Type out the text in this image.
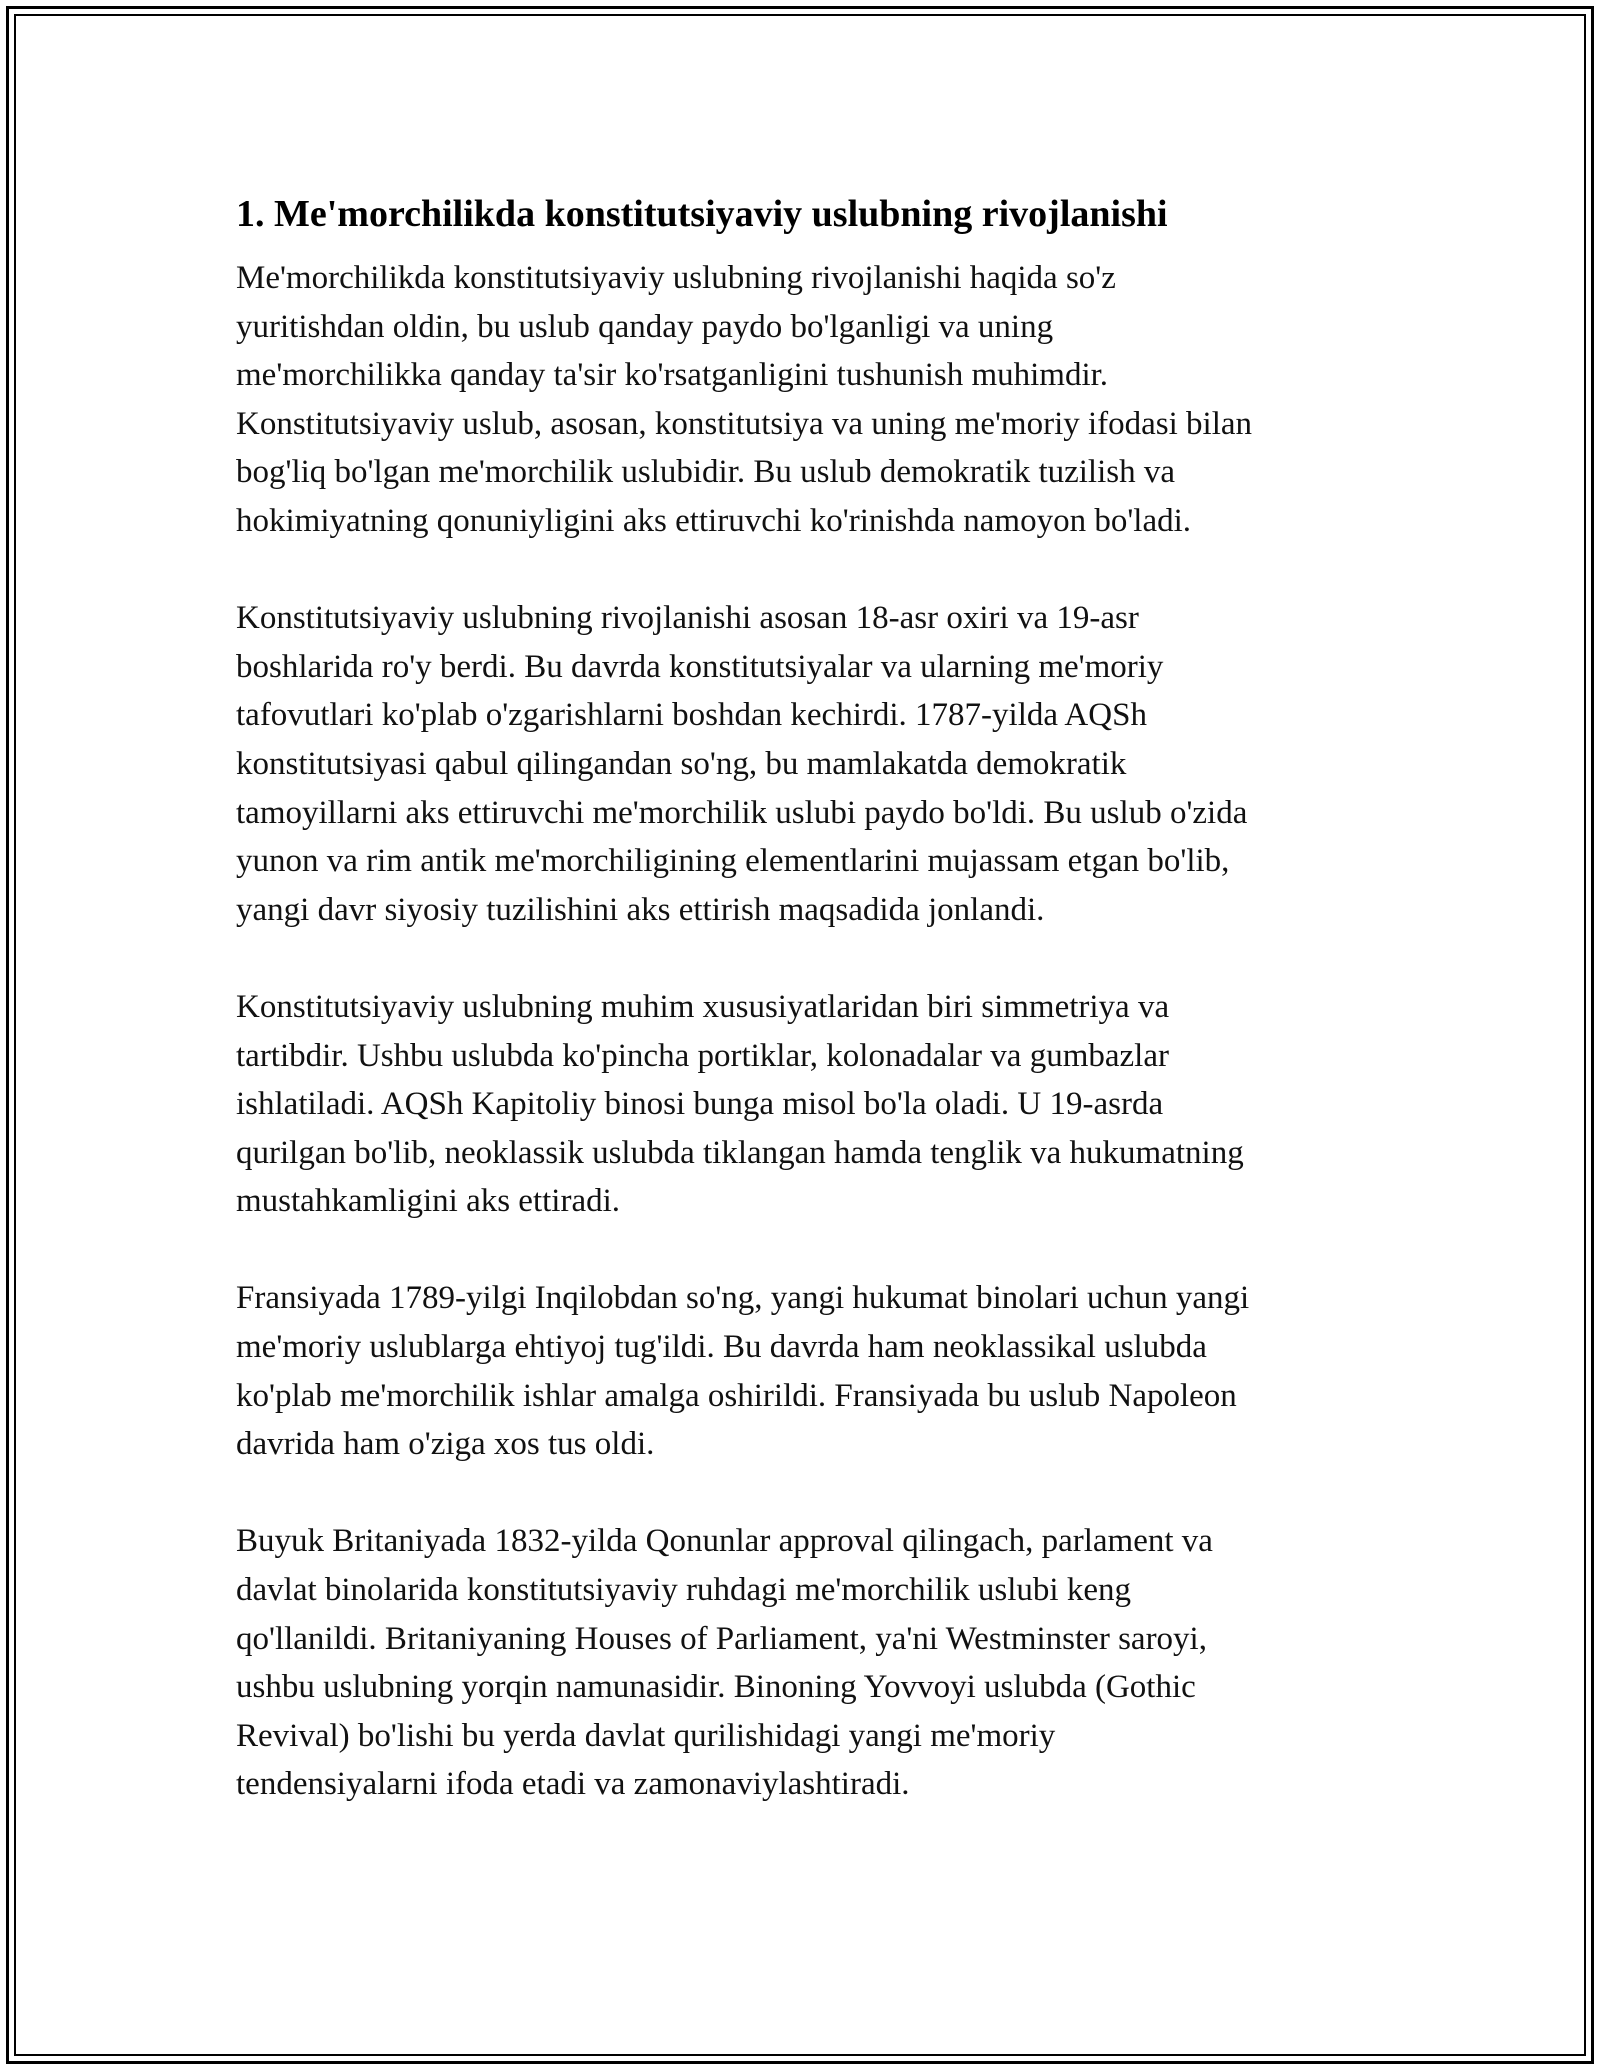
1. Me'morchilikda konstitutsiyaviy uslubning rivojlanishi

Me'morchilikda konstitutsiyaviy uslubning rivojlanishi haqida so'z
yuritishdan oldin, bu uslub qanday paydo bo'lganligi va uning
me'morchilikka qanday ta'sir ko'rsatganligini tushunish muhimdir.
Konstitutsiyaviy uslub, asosan, konstitutsiya va uning me'moriy ifodasi bilan
bog'liq bo'lgan me'morchilik uslubidir. Bu uslub demokratik tuzilish va
hokimiyatning qonuniyligini aks ettiruvchi ko'rinishda namoyon bo'ladi.

Konstitutsiyaviy uslubning rivojlanishi asosan 18-asr oxiri va 19-asr
boshlarida ro'y berdi. Bu davrda konstitutsiyalar va ularning me'moriy
tafovutlari ko'plab o'zgarishlarni boshdan kechirdi. 1787-yilda AQSh
konstitutsiyasi qabul qilingandan so'ng, bu mamlakatda demokratik
tamoyillarni aks ettiruvchi me'morchilik uslubi paydo bo'ldi. Bu uslub o'zida
yunon va rim antik me'morchiligining elementlarini mujassam etgan bo'lib,
yangi davr siyosiy tuzilishini aks ettirish maqsadida jonlandi.

Konstitutsiyaviy uslubning muhim xususiyatlaridan biri simmetriya va
tartibdir. Ushbu uslubda ko'pincha portiklar, kolonadalar va gumbazlar
ishlatiladi. AQSh Kapitoliy binosi bunga misol bo'la oladi. U 19-asrda
qurilgan bo'lib, neoklassik uslubda tiklangan hamda tenglik va hukumatning
mustahkamligini aks ettiradi.

Fransiyada 1789-yilgi Inqilobdan so'ng, yangi hukumat binolari uchun yangi
me'moriy uslublarga ehtiyoj tug'ildi. Bu davrda ham neoklassikal uslubda
ko'plab me'morchilik ishlar amalga oshirildi. Fransiyada bu uslub Napoleon
davrida ham o'ziga xos tus oldi.

Buyuk Britaniyada 1832-yilda Qonunlar approval qilingach, parlament va
davlat binolarida konstitutsiyaviy ruhdagi me'morchilik uslubi keng
qo'llanildi. Britaniyaning Houses of Parliament, ya'ni Westminster saroyi,
ushbu uslubning yorqin namunasidir. Binoning Yovvoyi uslubda (Gothic
Revival) bo'lishi bu yerda davlat qurilishidagi yangi me'moriy
tendensiyalarni ifoda etadi va zamonaviylashtiradi.
